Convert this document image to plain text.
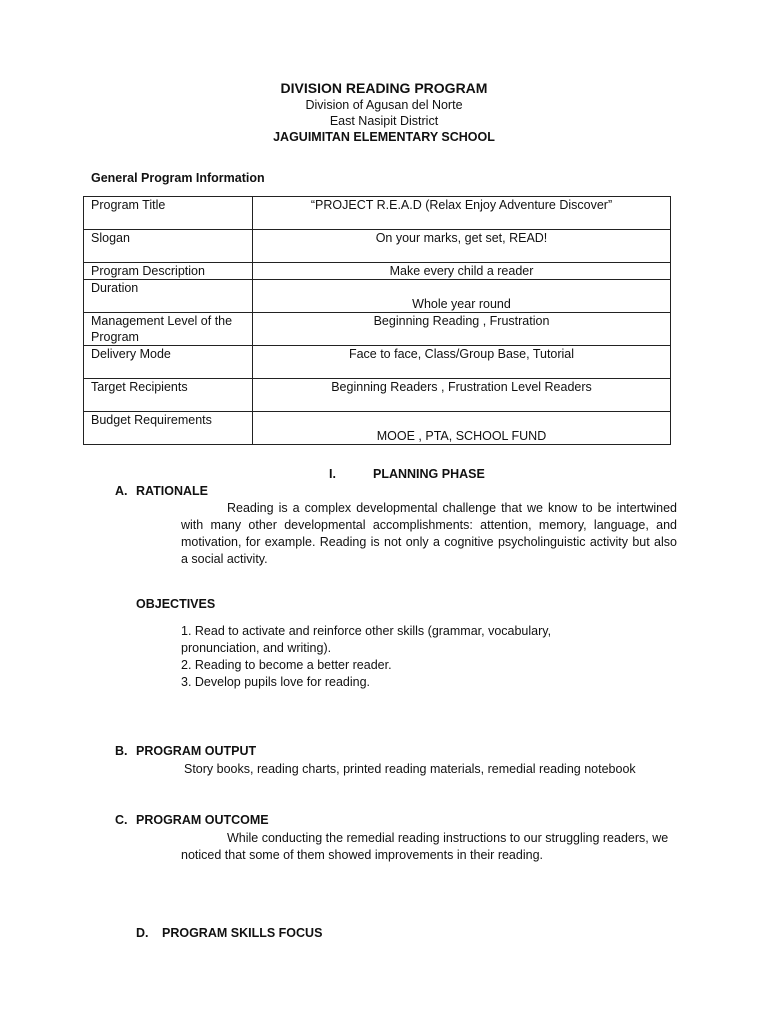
DIVISION READING PROGRAM
Division of Agusan del Norte
East Nasipit District
JAGUIMITAN ELEMENTARY SCHOOL
General Program Information
Program Title	“PROJECT R.E.A.D (Relax Enjoy Adventure Discover”
Slogan	On your marks, get set, READ!
Program Description	Make every child a reader
Duration	Whole year round
Management Level of the Program	Beginning Reading , Frustration
Delivery Mode	Face to face, Class/Group Base, Tutorial
Target Recipients	Beginning Readers , Frustration Level Readers
Budget Requirements	MOOE , PTA, SCHOOL FUND
I.	PLANNING PHASE
A. RATIONALE
Reading is a complex developmental challenge that we know to be intertwined with many other developmental accomplishments: attention, memory, language, and motivation, for example. Reading is not only a cognitive psycholinguistic activity but also a social activity.
OBJECTIVES
1. Read to activate and reinforce other skills (grammar, vocabulary, pronunciation, and writing).
2. Reading to become a better reader.
3. Develop pupils love for reading.
B. PROGRAM OUTPUT
Story books, reading charts, printed reading materials, remedial reading notebook
C. PROGRAM OUTCOME
While conducting the remedial reading instructions to our struggling readers, we noticed that some of them showed improvements in their reading.
D. PROGRAM SKILLS FOCUS
